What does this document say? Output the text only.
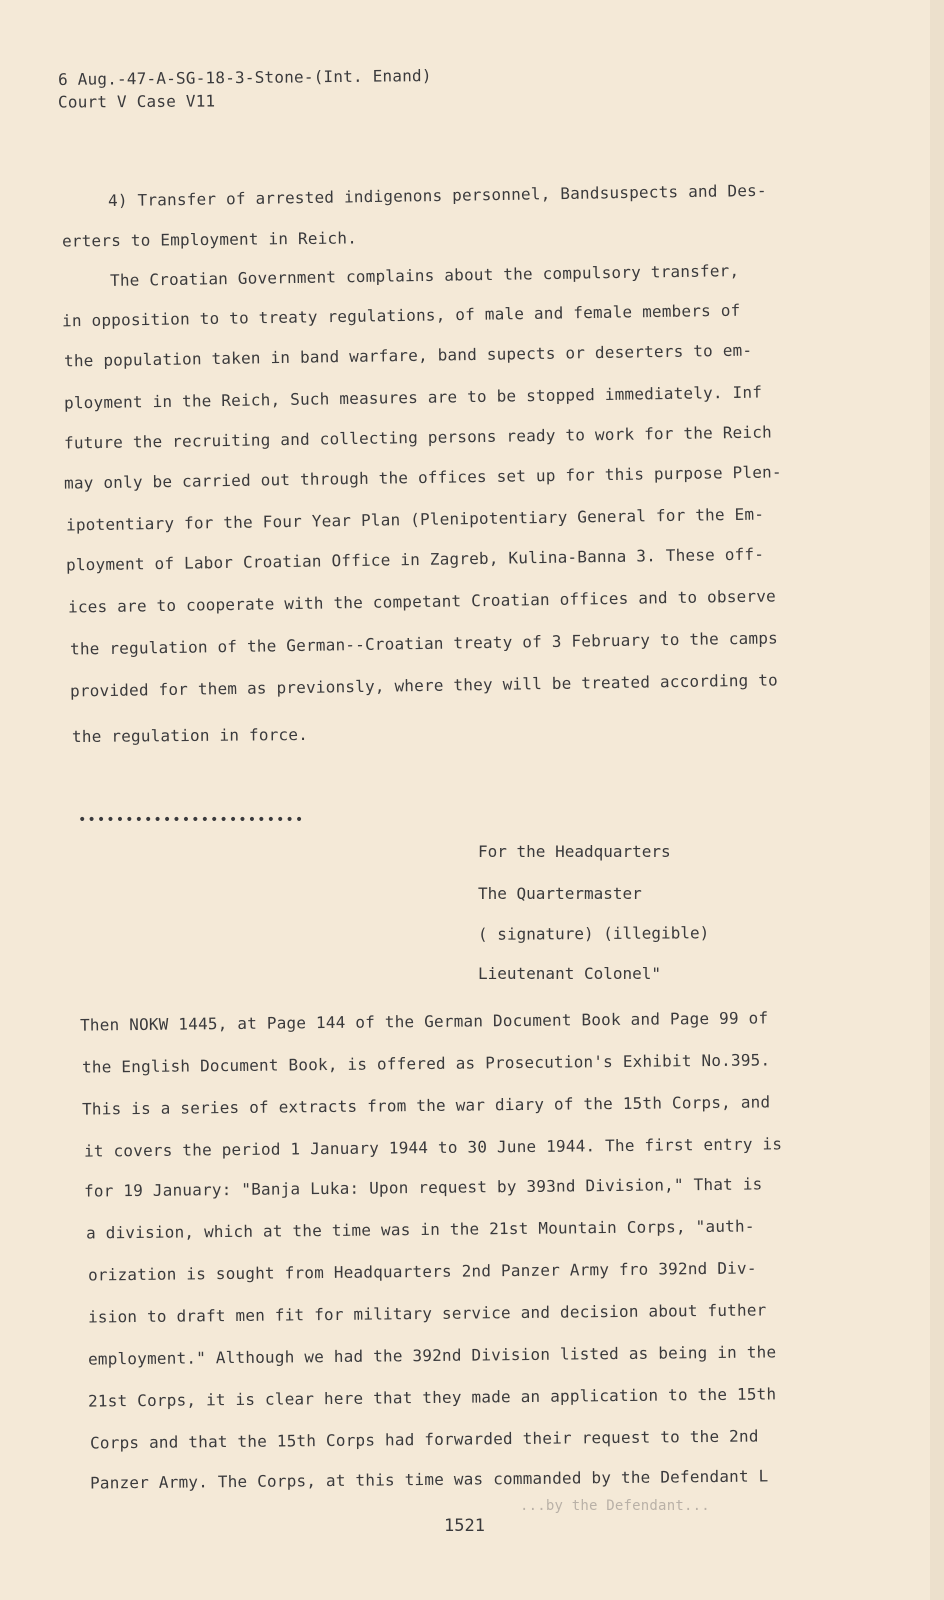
6 Aug.-47-A-SG-18-3-Stone-(Int. Enand)

Court V Case V11

4) Transfer of arrested indigenons personnel, Bandsuspects and Des-

erters to Employment in Reich.

The Croatian Government complains about the compulsory transfer,

in opposition to to treaty regulations, of male and female members of

the population taken in band warfare, band supects or deserters to em-

ployment in the Reich, Such measures are to be stopped immediately. Inf

future the recruiting and collecting persons ready to work for the Reich

may only be carried out through the offices set up for this purpose Plen-

ipotentiary for the Four Year Plan (Plenipotentiary General for the Em-

ployment of Labor Croatian Office in Zagreb, Kulina-Banna 3. These off-

ices are to cooperate with the competant Croatian offices and to observe

the regulation of the German--Croatian treaty of 3 February to the camps

provided for them as previonsly, where they will be treated according to

the regulation in force.

••••••••••••••••••••••••

For the Headquarters

The Quartermaster

( signature) (illegible)

Lieutenant Colonel"

Then NOKW 1445, at Page 144 of the German Document Book and Page 99 of

the English Document Book, is offered as Prosecution's Exhibit No.395.

This is a series of extracts from the war diary of the 15th Corps, and

it covers the period 1 January 1944 to 30 June 1944. The first entry is

for 19 January: "Banja Luka: Upon request by 393nd Division," That is

a division, which at the time was in the 21st Mountain Corps, "auth-

orization is sought from Headquarters 2nd Panzer Army fro 392nd Div-

ision to draft men fit for military service and decision about futher

employment." Although we had the 392nd Division listed as being in the

21st Corps, it is clear here that they made an application to the 15th

Corps and that the 15th Corps had forwarded their request to the 2nd

Panzer Army. The Corps, at this time was commanded by the Defendant L

...by the Defendant...

1521
